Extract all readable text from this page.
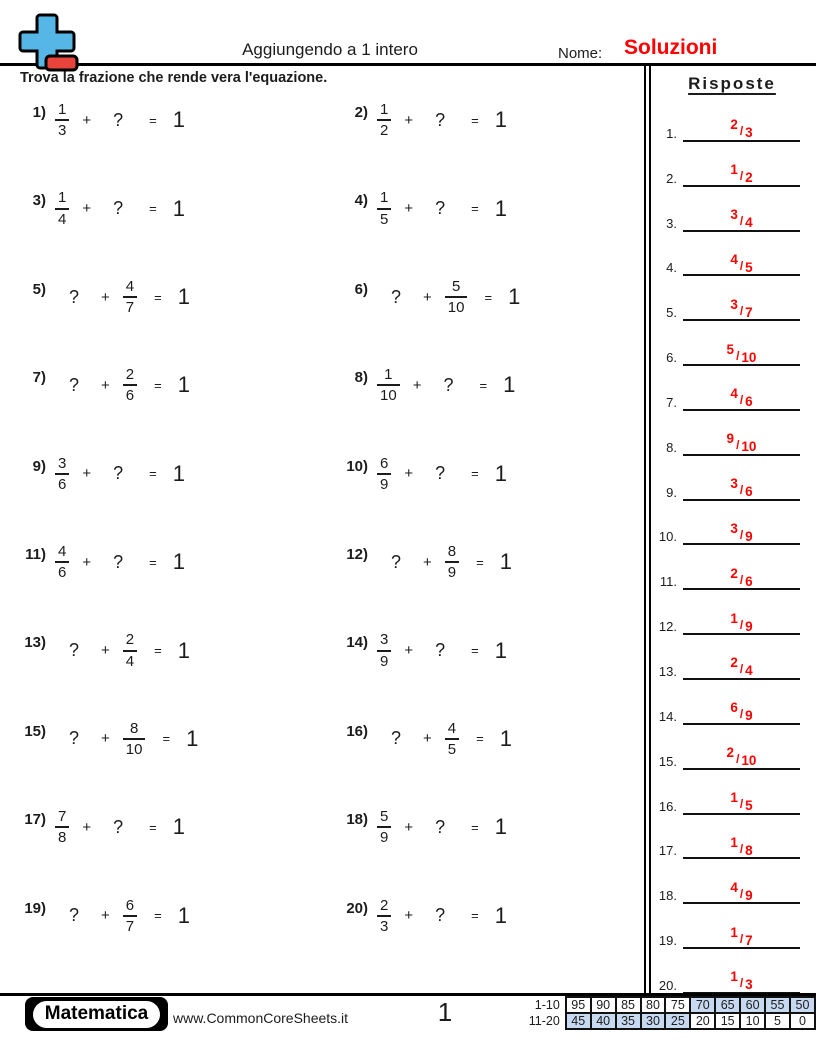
Aggiungendo a 1 intero	Nome: Soluzioni
Trova la frazione che rende vera l'equazione.	Risposte
$1) \frac{1}{3}$ + ? = 1	$2) \frac{1}{2}$ + ? = 1
$3) \frac{1}{4}$ + ? = 1	$4) \frac{1}{5}$ + ? = 1
5) ? + $\frac{4}{7} = 1$	6) ? + $\frac{5}{10} = 1$
7) ? + $\frac{2}{6} = 1$	$8) \frac{1}{10}$ + ? = 1
$9) \frac{3}{6}$ + ? = 1	$10) \frac{6}{9}$ + ? = 1
$11) \frac{4}{6}$ + ? = 1	12) ? + $\frac{8}{9} = 1$
13) ? + $\frac{2}{4} = 1$	$14) \frac{3}{9}$ + ? = 1
15) ? + $\frac{8}{10} = 1$	16) ? + $\frac{4}{5} = 1$
$17) \frac{7}{8}$ + ? = 1	$18) \frac{5}{9}$ + ? = 1
19) ? + $\frac{6}{7} = 1$	$20) \frac{2}{3}$ + ? = 1
1.
2 / 3
2.
1 / 2
3.
3 / 4
4.
4 / 5
5.
3 / 7
6.
5 / 10
7.
4 / 6
8.
9 / 10
9.
3 / 6
10.
3 / 9
11.
2 / 6
12.
1 / 9
13.
2 / 4
14.
6 / 9
15.
2 / 10
16.
1 / 5
17.
1 / 8
18.
4 / 9
19.
1 / 7
20.
1 / 3
Matematica	www.CommonCoreSheets.it	1	1-10	95	90	85	80	75	70	65	60	55	50
11-20	45	40	35	30	25	20	15	10	5	0
